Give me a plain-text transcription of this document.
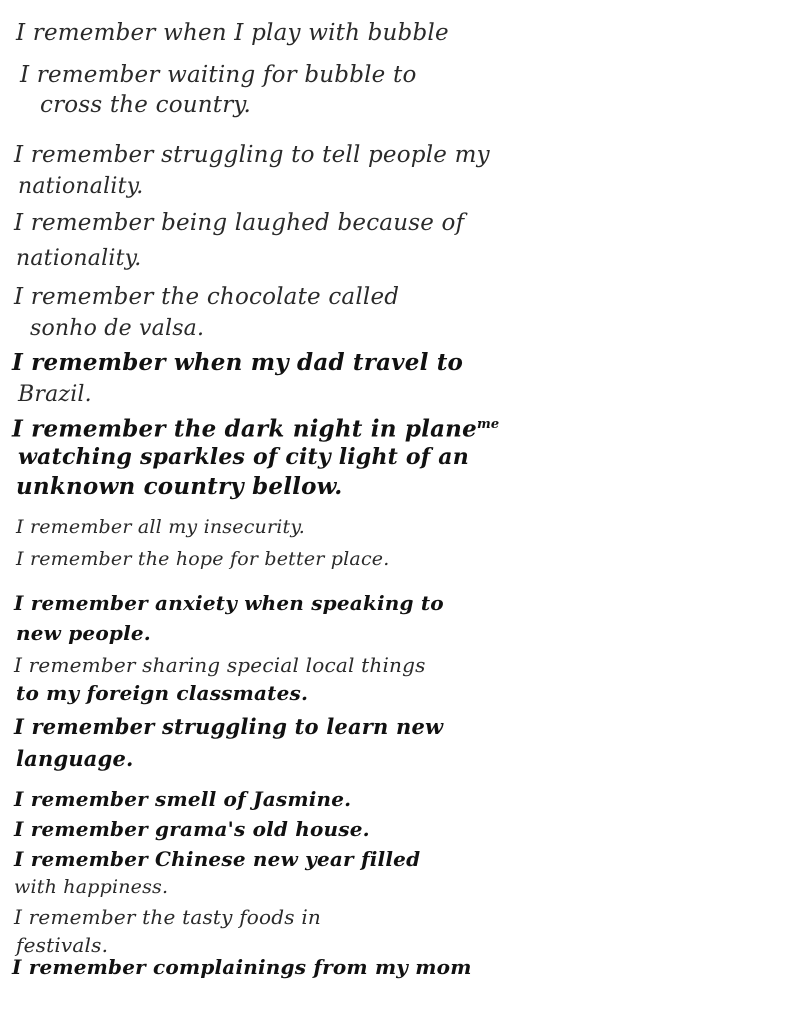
I remember when I play with bubble
I remember waiting for bubble to
cross the country.
I remember struggling to tell people my
nationality.
I remember being laughed because of
nationality.
I remember the chocolate called
sonho de valsa.
I remember when my dad travel to
Brazil.
I remember the dark night in plane$^{me}$
watching sparkles of city light of an
unknown country bellow.
I remember all my insecurity.
I remember the hope for better place.
I remember anxiety when speaking to
new people.
I remember sharing special local things
to my foreign classmates.
I remember struggling to learn new
language.
I remember smell of Jasmine.
I remember grama's old house.
I remember Chinese new year filled
with happiness.
I remember the tasty foods in
festivals.
I remember complainings from my mom
